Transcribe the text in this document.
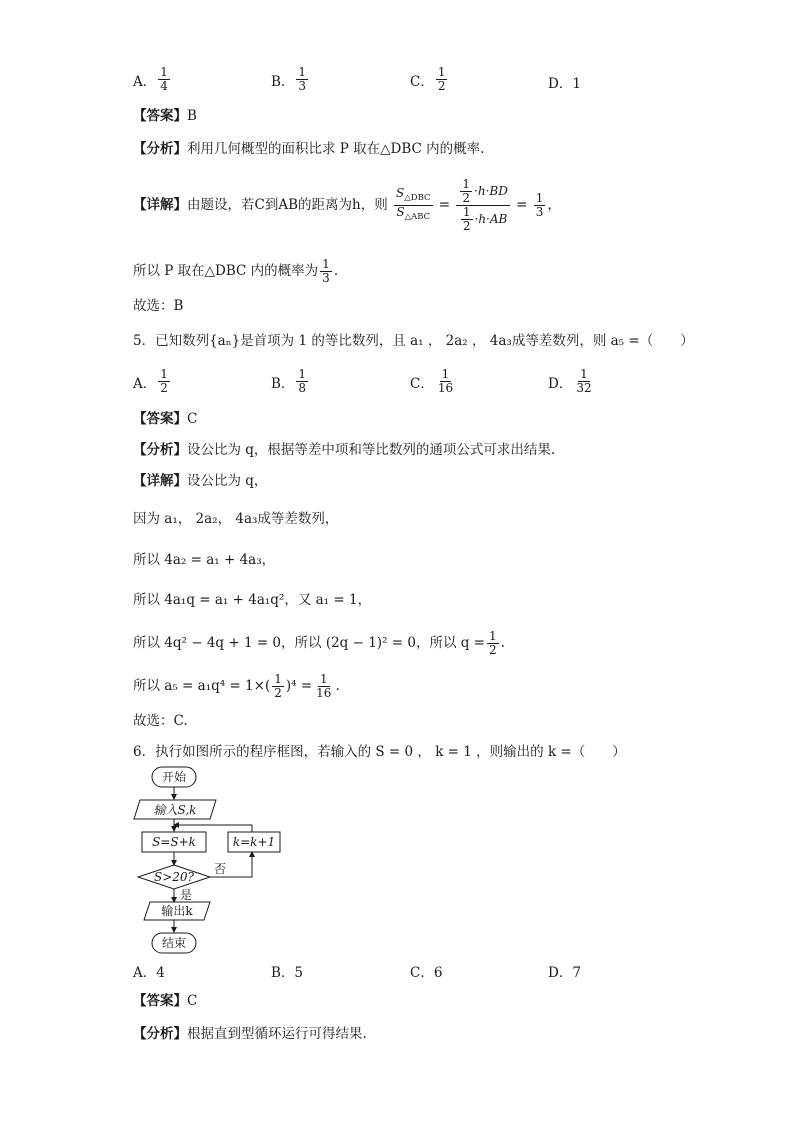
A． $\frac{1}{4}$	B． $\frac{1}{3}$	C． $\frac{1}{2}$	D．1
【答案】B
【分析】利用几何概型的面积比求 P 取在△DBC 内的概率.
【详解】由题设，若C到AB的距离为h，则 $\frac{S_{\triangle DBC}}{S_{\triangle ABC}} = \frac{\frac{1}{2} \cdot h\cdot BD}{\frac{1}{2} \cdot h\cdot AB} = \frac{1}{3}$ ，
所以 P 取在△DBC 内的概率为 $\frac{1}{3}$ .
故选：B
5．已知数列{aₙ}是首项为 1 的等比数列，且 a₁ ， 2a₂ ， 4a₃成等差数列，则 a₅ =（　　）
A． $\frac{1}{2}$	B． $\frac{1}{8}$	C． $\frac{1}{16}$	D． $\frac{1}{32}$
【答案】C
【分析】设公比为 q，根据等差中项和等比数列的通项公式可求出结果.
【详解】设公比为 q，
因为 a₁， 2a₂， 4a₃成等差数列，
所以 4a₂ = a₁ + 4a₃，
所以 4a₁q = a₁ + 4a₁q²，又 a₁ = 1，
所以 4q² − 4q + 1 = 0，所以 (2q − 1)² = 0，所以 $q = \frac{1}{2}$ .
所以 $a_5 = a_1q^4 = 1\times( \frac{1}{2} )^4 = \frac{1}{16}$ .
故选：C.
6．执行如图所示的程序框图，若输入的 S = 0 ， k = 1 ，则输出的 k =（　　）
开始
输入S,k
S=S+k
S>20?
输出k
结束
k=k+1
否
是
A．4	B．5	C．6	D．7
【答案】C
【分析】根据直到型循环运行可得结果.
